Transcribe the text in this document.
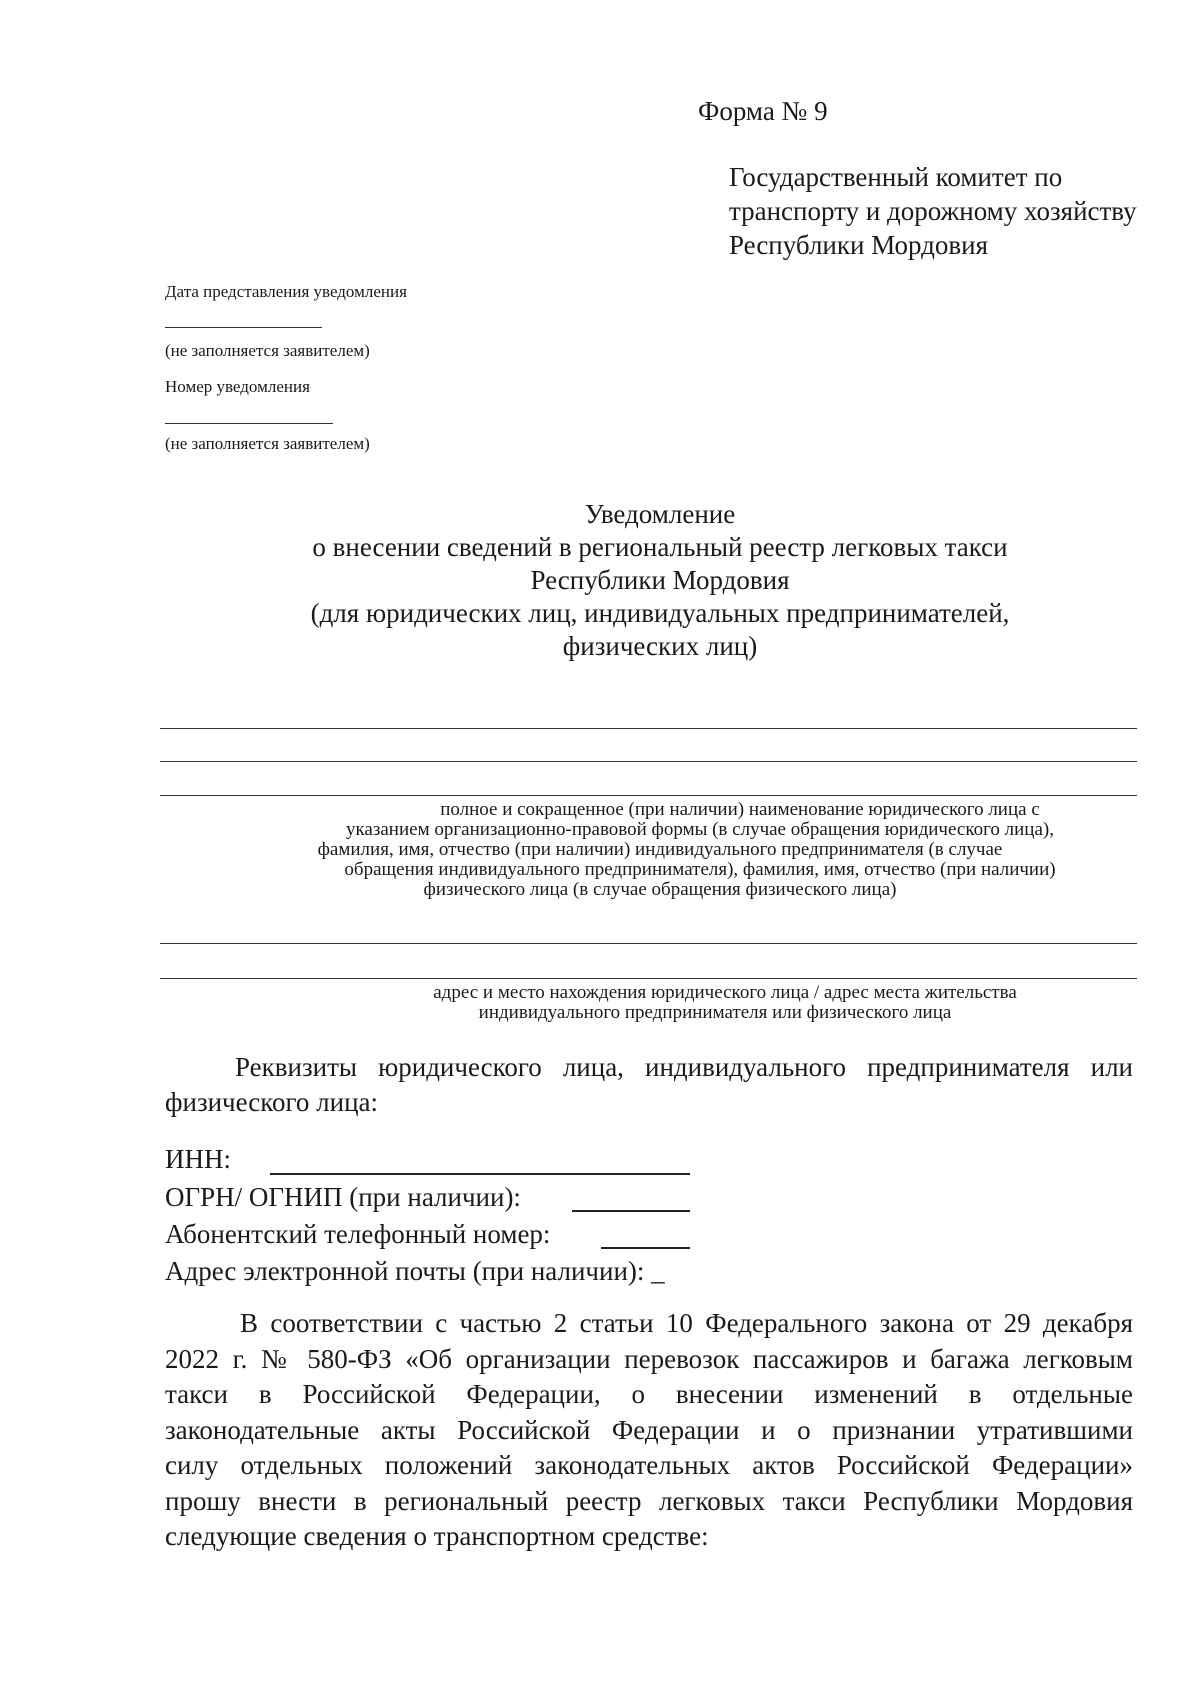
Форма № 9
Государственный комитет по
транспорту и дорожному хозяйству
Республики Мордовия
Дата представления уведомления
(не заполняется заявителем)
Номер уведомления
(не заполняется заявителем)
Уведомление
о внесении сведений в региональный реестр легковых такси
Республики Мордовия
(для юридических лиц, индивидуальных предпринимателей,
физических лиц)
полное и сокращенное (при наличии) наименование юридического лица с
указанием организационно-правовой формы (в случае обращения юридического лица),
фамилия, имя, отчество (при наличии) индивидуального предпринимателя (в случае
обращения индивидуального предпринимателя), фамилия, имя, отчество (при наличии)
физического лица (в случае обращения физического лица)
адрес и место нахождения юридического лица / адрес места жительства
индивидуального предпринимателя или физического лица
Реквизиты юридического лица, индивидуального предпринимателя или
физического лица:
ИНН:
ОГРН/ ОГНИП (при наличии):
Абонентский телефонный номер:
Адрес электронной почты (при наличии): _
В соответствии с частью 2 статьи 10 Федерального закона от 29 декабря
2022 г. № 580-ФЗ «Об организации перевозок пассажиров и багажа легковым
такси в Российской Федерации, о внесении изменений в отдельные
законодательные акты Российской Федерации и о признании утратившими
силу отдельных положений законодательных актов Российской Федерации»
прошу внести в региональный реестр легковых такси Республики Мордовия
следующие сведения о транспортном средстве:
